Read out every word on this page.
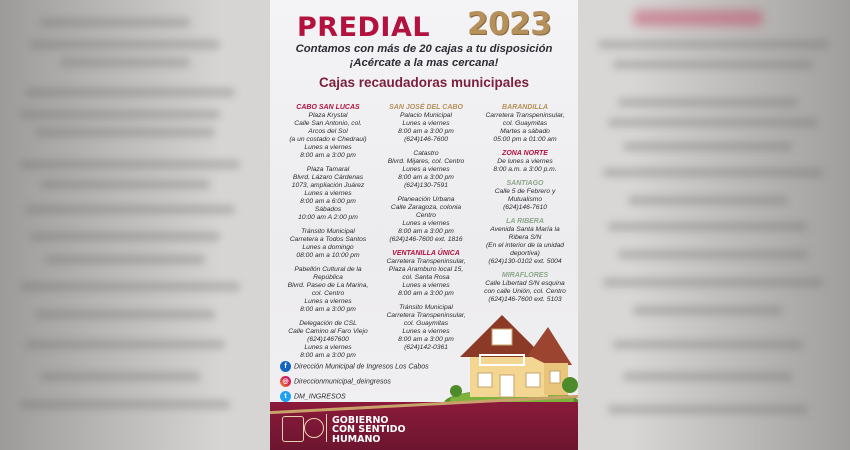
PREDIAL 2023
Contamos con más de 20 cajas a tu disposición
¡Acércate a la mas cercana!
Cajas recaudadoras municipales
CABO SAN LUCAS
Plaza Krystal
Calle San Antonio, col.
Arcos del Sol
(a un costado e Chedraui)
Lunes a viernes
8:00 am a 3:00 pm
Plaza Tamaral
Blvrd. Lázaro Cárdenas
1073, ampliación Juárez
Lunes a viernes
8:00 am a 6:00 pm
Sábados
10:00 am A 2:00 pm
Tránsito Municipal
Carretera a Todos Santos
Lunes a domingo
08:00 am a 10:00 pm
Pabellón Cultural de la
República
Blvrd. Paseo de La Marina,
col. Centro
Lunes a viernes
8:00 am a 3:00 pm
Delegación de CSL
Calle Camino al Faro Viejo
(624)1467600
Lunes a viernes
8:00 am a 3:00 pm
SAN JOSÉ DEL CABO
Palacio Municipal
Lunes a viernes
8:00 am a 3:00 pm
(624)146-7600
Catastro
Blvrd. Mijares, col. Centro
Lunes a viernes
8:00 am a 3:00 pm
(624)130-7591
Planeación Urbana
Calle Zaragoza, colonia
Centro
Lunes a viernes
8:00 am a 3:00 pm
(624)146-7600 ext. 1816
VENTANILLA ÚNICA
Carretera Transpeninsular,
Plaza Aramburo local 15,
col. Santa Rosa
Lunes a viernes
8:00 am a 3:00 pm
Tránsito Municipal
Carretera Transpeninsular,
col. Guaymitas
Lunes a viernes
8:00 am a 3:00 pm
(624)142-0361
BARANDILLA
Carretera Transpeninsular,
col. Guaymitas
Martes a sábado
05:00 pm a 01:00 am
ZONA NORTE
De lunes a viernes
8:00 a.m. a 3:00 p.m.
SANTIAGO
Calle 5 de Febrero y
Mutualismo
(624)146-7610
LA RIBERA
Avenida Santa María la
Ribera S/N
(En el interior de la unidad
deportiva)
(624)130-0102 ext. 5004
MIRAFLORES
Calle Libertad S/N esquina
con calle Unión, col. Centro
(624)146-7600 ext. 5103
f Dirección Municipal de Ingresos Los Cabos
◎ Direccionmunicipal_deingresos
t DM_INGRESOS
GOBIERNO
CON SENTIDO
HUMANO
